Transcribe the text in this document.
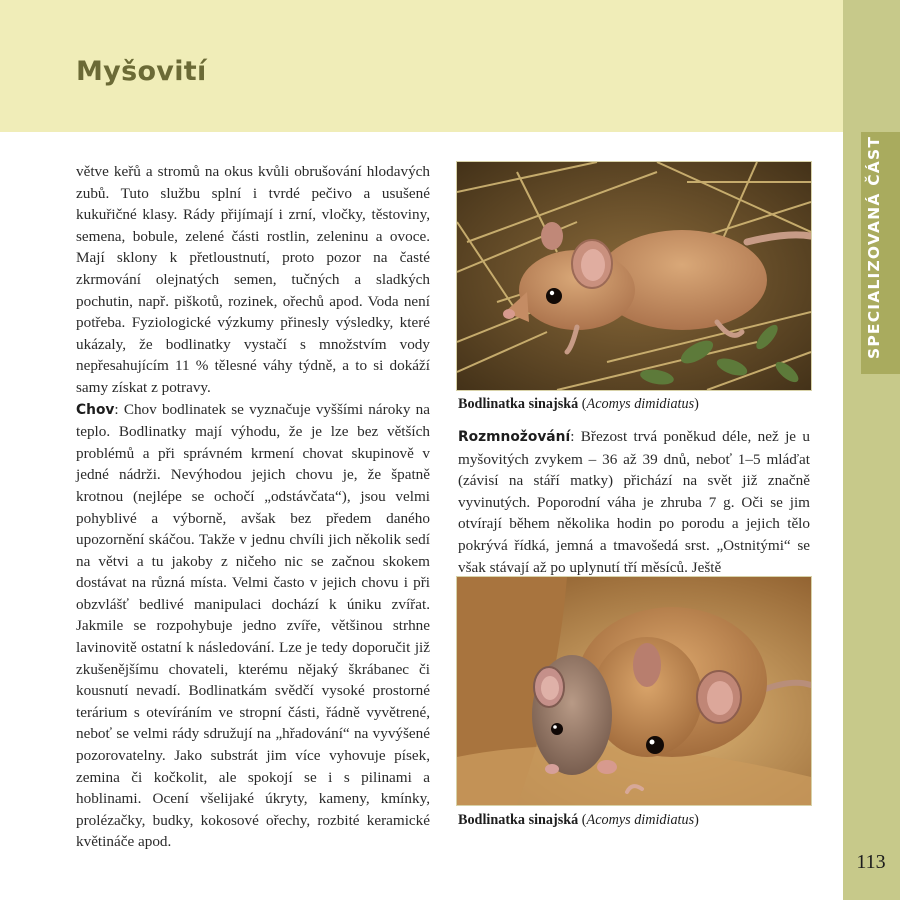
Myšovití
SPECIALIZOVANÁ ČÁST
113

větve keřů a stromů na okus kvůli obrušování hlodavých zubů. Tuto službu splní i tvrdé pečivo a usušené kukuřičné klasy. Rády přijímají i zrní, vločky, těstoviny, semena, bobule, zelené části rostlin, zeleninu a ovoce. Mají sklony k přetloustnutí, proto pozor na časté zkrmování olejnatých semen, tučných a sladkých pochutin, např. piškotů, rozinek, ořechů apod. Voda není potřeba. Fyziologické výzkumy přinesly výsledky, které ukázaly, že bodlinatky vystačí s množstvím vody nepřesahujícím 11 % tělesné váhy týdně, a to si dokáží samy získat z potravy.

Chov: Chov bodlinatek se vyznačuje vyššími nároky na teplo. Bodlinatky mají výhodu, že je lze bez větších problémů a při správném krmení chovat skupinově v jedné nádrži. Nevýhodou jejich chovu je, že špatně krotnou (nejlépe se ochočí „odstávčata“), jsou velmi pohyblivé a výborně, avšak bez předem daného upozornění skáčou. Takže v jednu chvíli jich několik sedí na větvi a tu jakoby z ničeho nic se začnou skokem dostávat na různá místa. Velmi často v jejich chovu i při obzvlášť bedlivé manipulaci dochází k úniku zvířat. Jakmile se rozpohybuje jedno zvíře, většinou strhne lavinovitě ostatní k následování. Lze je tedy doporučit již zkušenějšímu chovateli, kterému nějaký škrábanec či kousnutí nevadí. Bodlinatkám svědčí vysoké prostorné terárium s otevíráním ve stropní části, řádně vyvětrené, neboť se velmi rády sdružují na „hřadování“ na vyvýšené pozorovatelny. Jako substrát jim více vyhovuje písek, zemina či kočkolit, ale spokojí se i s pilinami a hoblinami. Ocení všelijaké úkryty, kameny, kmínky, prolézačky, budky, kokosové ořechy, rozbité keramické květináče apod.

Bodlinatka sinajská (Acomys dimidiatus)

Rozmnožování: Březost trvá poněkud déle, než je u myšovitých zvykem – 36 až 39 dnů, neboť 1–5 mláďat (závisí na stáří matky) přichází na svět již značně vyvinutých. Poporodní váha je zhruba 7 g. Oči se jim otvírají během několika hodin po porodu a jejich tělo pokrývá řídká, jemná a tmavošedá srst. „Ostnitými“ se však stávají až po uplynutí tří měsíců. Ještě

Bodlinatka sinajská (Acomys dimidiatus)
